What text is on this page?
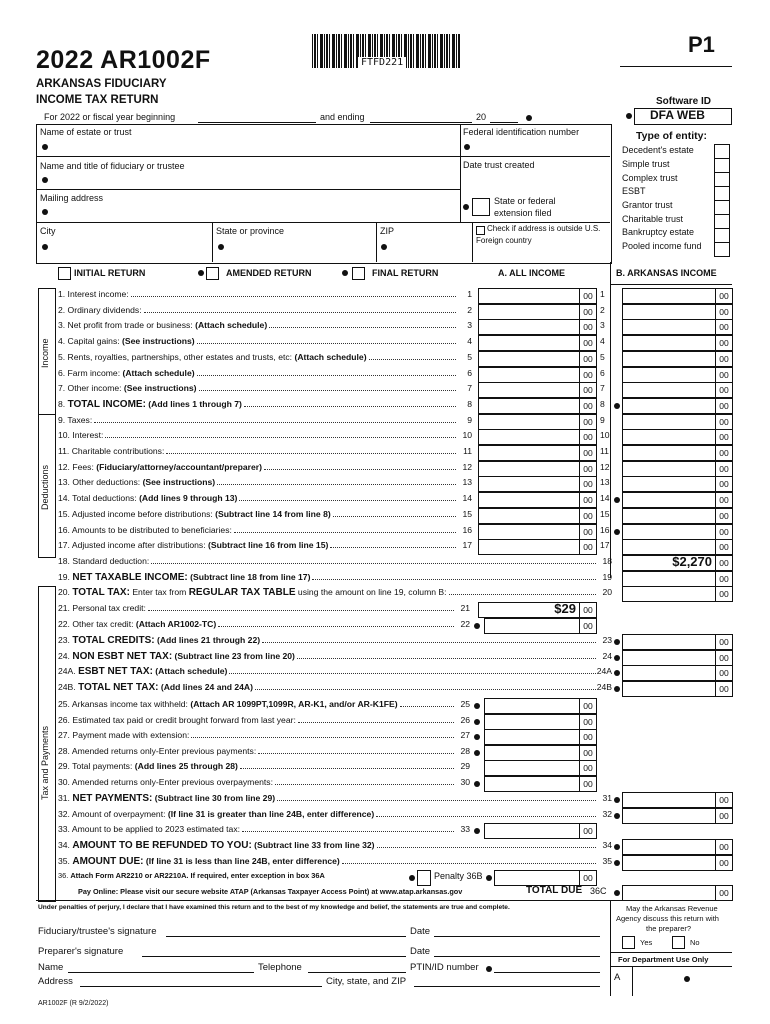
2022 AR1002F	FTFD221
P1
ARKANSAS FIDUCIARY
INCOME TAX RETURN
For 2022 or fiscal year beginning	and ending	20
Software ID
DFA WEB
Name of estate or trust	Federal identification number
Name and title of fiduciary or trustee	Date trust created
Mailing address	State or federal
extension filed
City	State or province	ZIP	Check if address is outside U.S.
Foreign country
Type of entity:
Decedent's estate
Simple trust
Complex trust
ESBT
Grantor trust
Charitable trust
Bankruptcy estate
Pooled income fund
INITIAL RETURN	AMENDED RETURN	FINAL RETURN	A. ALL INCOME	B. ARKANSAS INCOME
Income
Deductions
Tax and Payments
1. Interest income:	1	00 1	00
2. Ordinary dividends:	2	00 2	00
3. Net profit from trade or business: (Attach schedule)	3	00 3	00
4. Capital gains: (See instructions)	4	00 4	00
5. Rents, royalties, partnerships, other estates and trusts, etc: (Attach schedule)	5	00 5	00
6. Farm income: (Attach schedule)	6	00 6	00
7. Other income: (See instructions)	7	00 7	00
8. TOTAL INCOME: (Add lines 1 through 7)	8	00 8	00
9. Taxes:	9	00 9	00
10. Interest:	10	00 10	00
11. Charitable contributions:	11	00 11	00
12. Fees: (Fiduciary/attorney/accountant/preparer)	12	00 12	00
13. Other deductions: (See instructions)	13	00 13	00
14. Total deductions: (Add lines 9 through 13)	14	00 14	00
15. Adjusted income before distributions: (Subtract line 14 from line 8)	15	00 15	00
16. Amounts to be distributed to beneficiaries:	16	00 16	00
17. Adjusted income after distributions: (Subtract line 16 from line 15)	17	00 17	00
18. Standard deduction:	18	$2,270 00
19. NET TAXABLE INCOME: (Subtract line 18 from line 17)	19	00
20. TOTAL TAX: Enter tax from REGULAR TAX TABLE using the amount on line 19, column B:	20	00
21. Personal tax credit:	21	$29 00
22. Other tax credit: (Attach AR1002-TC)	22	00
23. TOTAL CREDITS: (Add lines 21 through 22)	23	00
24. NON ESBT NET TAX: (Subtract line 23 from line 20)	24	00
24A. ESBT NET TAX: (Attach schedule)	24A	00
24B. TOTAL NET TAX: (Add lines 24 and 24A)	24B	00
25. Arkansas income tax withheld: (Attach AR 1099PT,1099R, AR-K1, and/or AR-K1FE)	25	00
26. Estimated tax paid or credit brought forward from last year:	26	00
27. Payment made with extension:	27	00
28. Amended returns only-Enter previous payments:	28	00
29. Total payments: (Add lines 25 through 28)	29	00
30. Amended returns only-Enter previous overpayments:	30	00
31. NET PAYMENTS: (Subtract line 30 from line 29)	31	00
32. Amount of overpayment: (If line 31 is greater than line 24B, enter difference)	32	00
33. Amount to be applied to 2023 estimated tax:	33	00
34. AMOUNT TO BE REFUNDED TO YOU: (Subtract line 33 from line 32)	34	00
35. AMOUNT DUE: (If line 31 is less than line 24B, enter difference)	35	00
36. Attach Form AR2210 or AR2210A. If required, enter exception in box 36A	Penalty 36B	00
Pay Online: Please visit our secure website ATAP (Arkansas Taxpayer Access Point) at www.atap.arkansas.gov	TOTAL DUE 36C	00
Under penalties of perjury, I declare that I have examined this return and to the best of my knowledge and belief, the statements are true and complete.
Fiduciary/trustee's signature	Date
Preparer's signature	Date
Name	Telephone	PTIN/ID number
Address	City, state, and ZIP
AR1002F (R 9/2/2022)
May the Arkansas Revenue
Agency discuss this return with
the preparer?
Yes	No
For Department Use Only
A
